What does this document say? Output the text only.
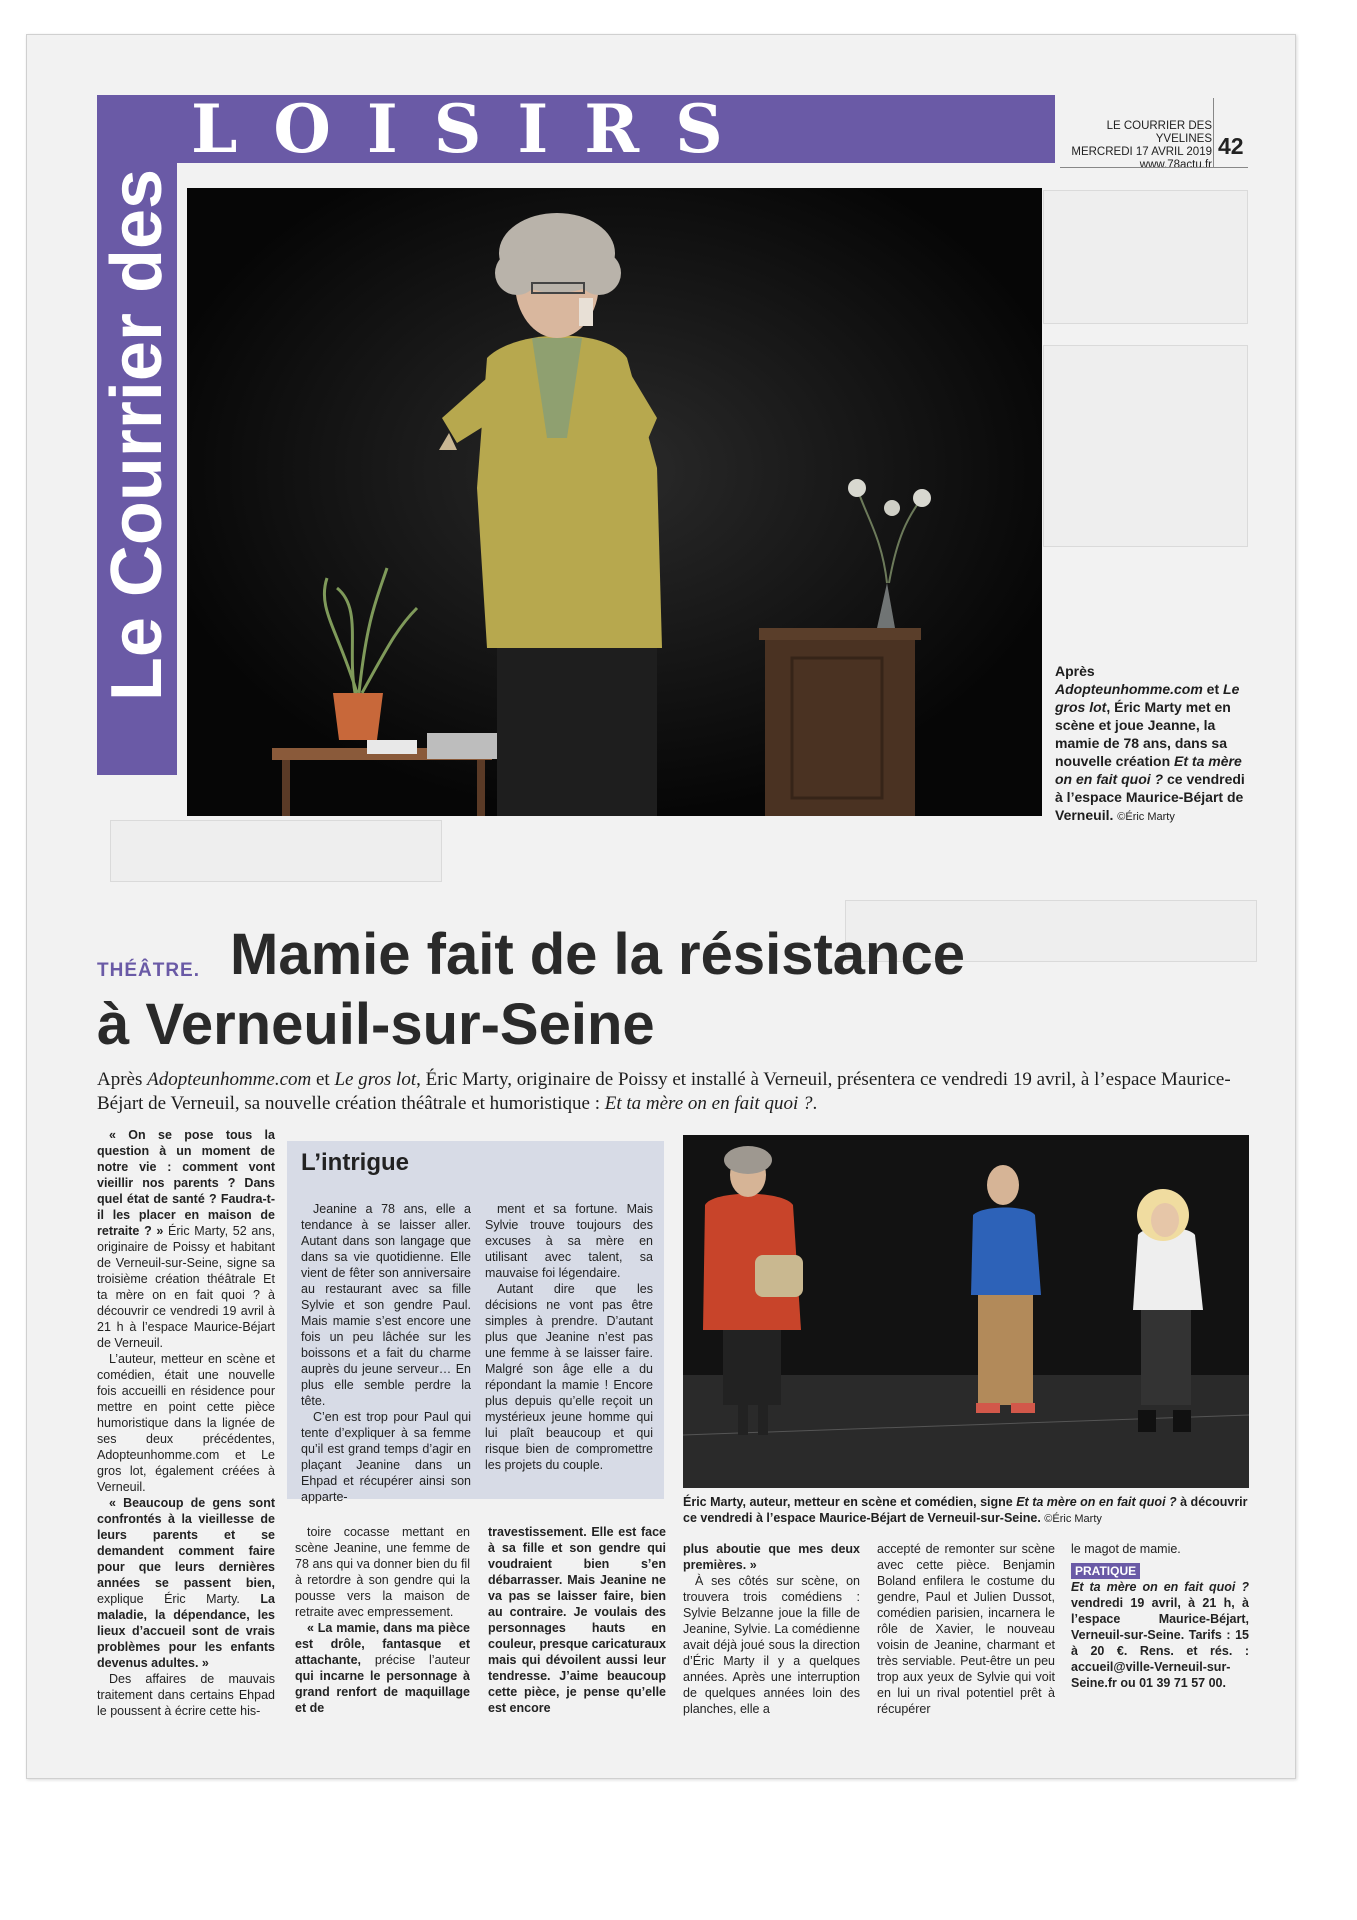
Le Courrier des
LOISIRS	LE COURRIER DES YVELINES
MERCREDI 17 AVRIL 2019
www.78actu.fr
42
Après Adopteunhomme.com et Le gros lot, Éric Marty met en scène et joue Jeanne, la mamie de 78 ans, dans sa nouvelle création Et ta mère on en fait quoi ? ce vendredi à l’espace Maurice-Béjart de Verneuil. ©Éric Marty
Mamie fait de la résistance
à Verneuil-sur-Seine
THÉÂTRE.
Après Adopteunhomme.com et Le gros lot, Éric Marty, originaire de Poissy et installé à Verneuil, présentera ce vendredi 19 avril, à l’espace Maurice-Béjart de Verneuil, sa nouvelle création théâtrale et humoristique : Et ta mère on en fait quoi ?.

« On se pose tous la question à un moment de notre vie : comment vont vieillir nos parents ? Dans quel état de santé ? Faudra-t-il les placer en maison de retraite ? » Éric Marty, 52 ans, originaire de Poissy et habitant de Verneuil-sur-Seine, signe sa troisième création théâtrale Et ta mère on en fait quoi ? à découvrir ce vendredi 19 avril à 21 h à l’espace Maurice-Béjart de Verneuil.

L’auteur, metteur en scène et comédien, était une nouvelle fois accueilli en résidence pour mettre en point cette pièce humoristique dans la lignée de ses deux précédentes, Adopteunhomme.com et Le gros lot, également créées à Verneuil.

« Beaucoup de gens sont confrontés à la vieillesse de leurs parents et se demandent comment faire pour que leurs dernières années se passent bien, explique Éric Marty. La maladie, la dépendance, les lieux d’accueil sont de vrais problèmes pour les enfants devenus adultes. »

Des affaires de mauvais traitement dans certains Ehpad le poussent à écrire cette his-

L’intrigue

Jeanine a 78 ans, elle a tendance à se laisser aller. Autant dans son langage que dans sa vie quotidienne. Elle vient de fêter son anniversaire au restaurant avec sa fille Sylvie et son gendre Paul. Mais mamie s’est encore une fois un peu lâchée sur les boissons et a fait du charme auprès du jeune serveur… En plus elle semble perdre la tête.

C’en est trop pour Paul qui tente d’expliquer à sa femme qu’il est grand temps d’agir en plaçant Jeanine dans un Ehpad et récupérer ainsi son apparte-

ment et sa fortune. Mais Sylvie trouve toujours des excuses à sa mère en utilisant avec talent, sa mauvaise foi légendaire.

Autant dire que les décisions ne vont pas être simples à prendre. D’autant plus que Jeanine n’est pas une femme à se laisser faire. Malgré son âge elle a du répondant la mamie ! Encore plus depuis qu’elle reçoit un mystérieux jeune homme qui lui plaît beaucoup et qui risque bien de compromettre les projets du couple.

toire cocasse mettant en scène Jeanine, une femme de 78 ans qui va donner bien du fil à retordre à son gendre qui la pousse vers la maison de retraite avec empressement.

« La mamie, dans ma pièce est drôle, fantasque et attachante, précise l’auteur qui incarne le personnage à grand renfort de maquillage et de

travestissement. Elle est face à sa fille et son gendre qui voudraient bien s’en débarrasser. Mais Jeanine ne va pas se laisser faire, bien au contraire. Je voulais des personnages hauts en couleur, presque caricaturaux mais qui dévoilent aussi leur tendresse. J’aime beaucoup cette pièce, je pense qu’elle est encore

Éric Marty, auteur, metteur en scène et comédien, signe Et ta mère on en fait quoi ? à découvrir ce vendredi à l’espace Maurice-Béjart de Verneuil-sur-Seine. ©Éric Marty

plus aboutie que mes deux premières. »

À ses côtés sur scène, on trouvera trois comédiens : Sylvie Belzanne joue la fille de Jeanine, Sylvie. La comédienne avait déjà joué sous la direction d’Éric Marty il y a quelques années. Après une interruption de quelques années loin des planches, elle a

accepté de remonter sur scène avec cette pièce. Benjamin Boland enfilera le costume du gendre, Paul et Julien Dussot, comédien parisien, incarnera le rôle de Xavier, le nouveau voisin de Jeanine, charmant et très serviable. Peut-être un peu trop aux yeux de Sylvie qui voit en lui un rival potentiel prêt à récupérer

le magot de mamie.

PRATIQUE
Et ta mère on en fait quoi ? vendredi 19 avril, à 21 h, à l’espace Maurice-Béjart, Verneuil-sur-Seine. Tarifs : 15 à 20 €. Rens. et rés. : accueil@ville-Verneuil-sur-Seine.fr ou 01 39 71 57 00.
